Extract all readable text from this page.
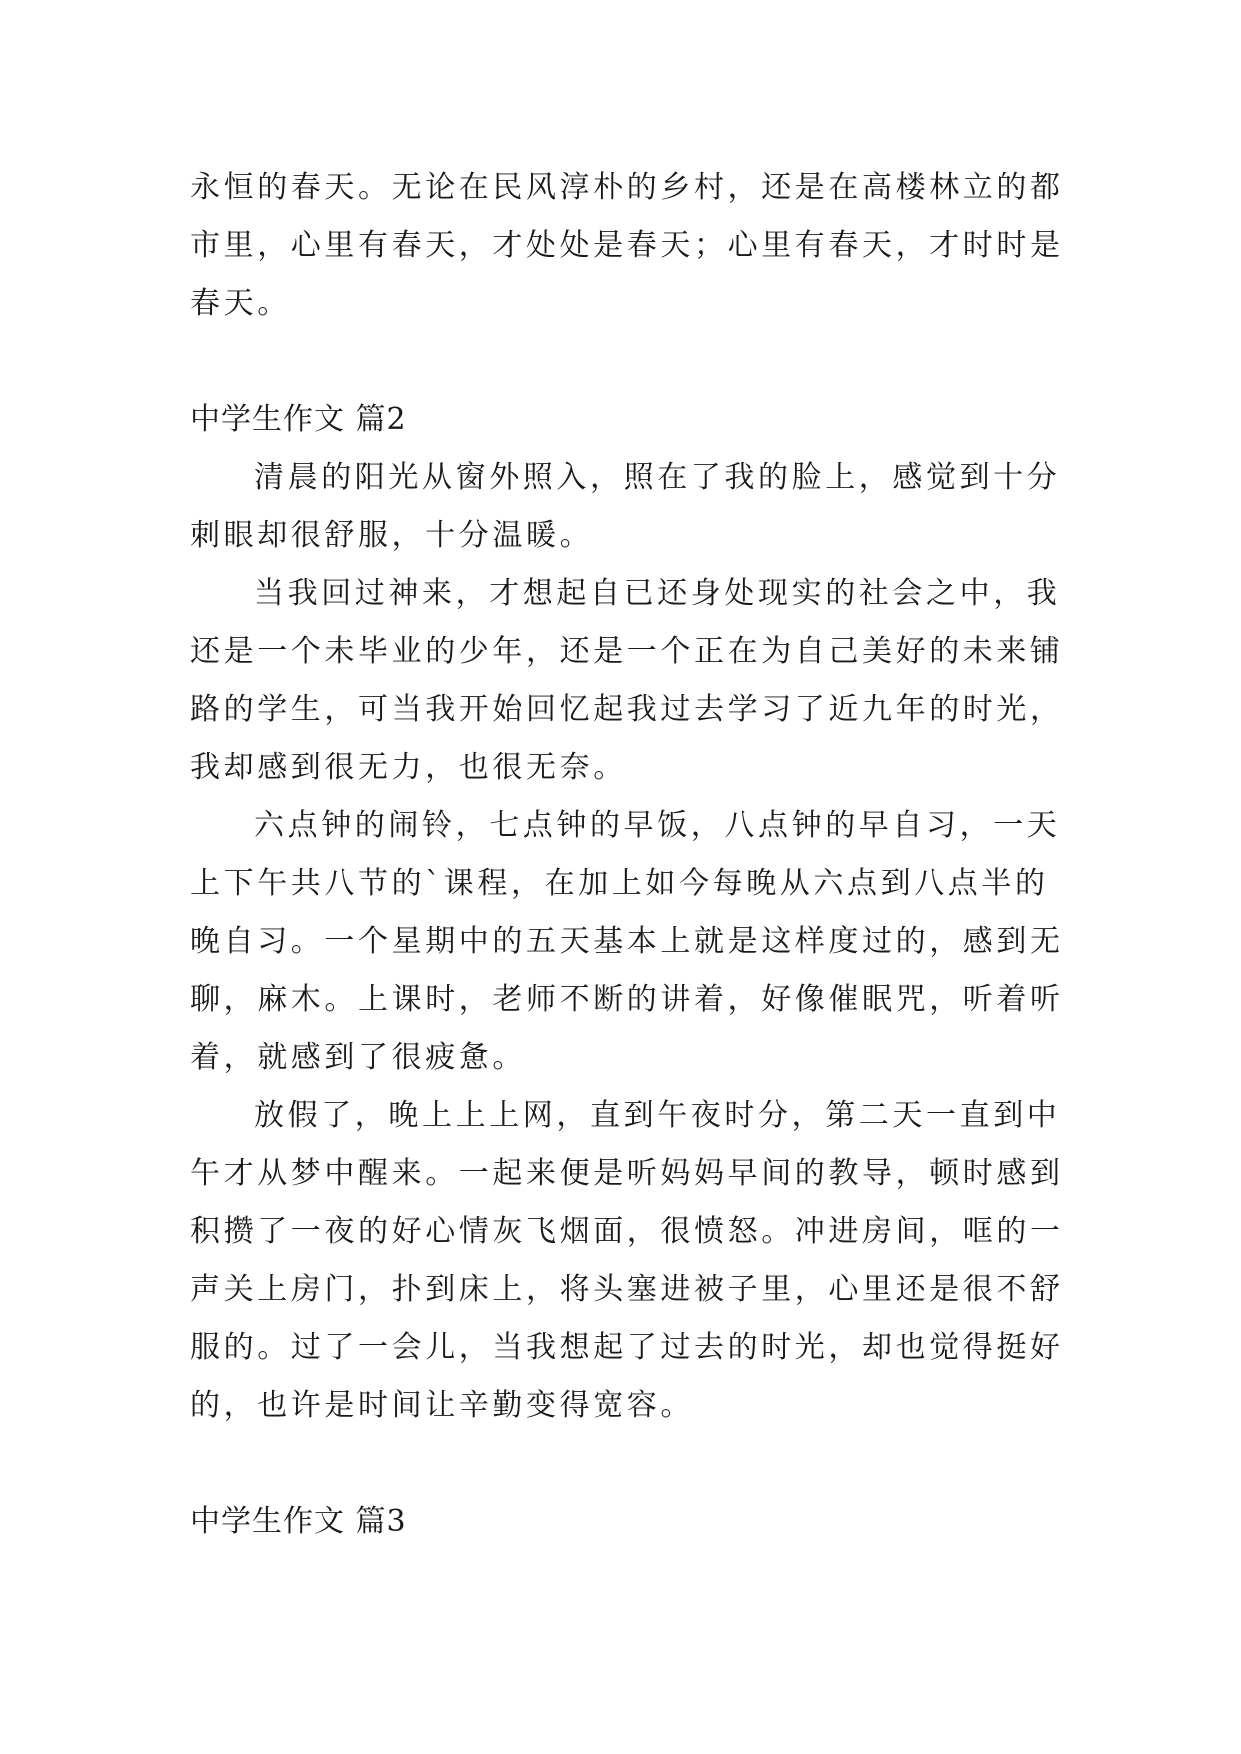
永恒的春天。无论在民风淳朴的乡村，还是在高楼林立的都
市里，心里有春天，才处处是春天；心里有春天，才时时是
春天。
中学生作文 篇2
清晨的阳光从窗外照入，照在了我的脸上，感觉到十分
刺眼却很舒服，十分温暖。
当我回过神来，才想起自已还身处现实的社会之中，我
还是一个未毕业的少年，还是一个正在为自己美好的未来铺
路的学生，可当我开始回忆起我过去学习了近九年的时光，
我却感到很无力，也很无奈。
六点钟的闹铃，七点钟的早饭，八点钟的早自习，一天
上下午共八节的`课程，在加上如今每晚从六点到八点半的
晚自习。一个星期中的五天基本上就是这样度过的，感到无
聊，麻木。上课时，老师不断的讲着，好像催眠咒，听着听
着，就感到了很疲惫。
放假了，晚上上上网，直到午夜时分，第二天一直到中
午才从梦中醒来。一起来便是听妈妈早间的教导，顿时感到
积攒了一夜的好心情灰飞烟面，很愤怒。冲进房间，哐的一
声关上房门，扑到床上，将头塞进被子里，心里还是很不舒
服的。过了一会儿，当我想起了过去的时光，却也觉得挺好
的，也许是时间让辛勤变得宽容。
中学生作文 篇3
